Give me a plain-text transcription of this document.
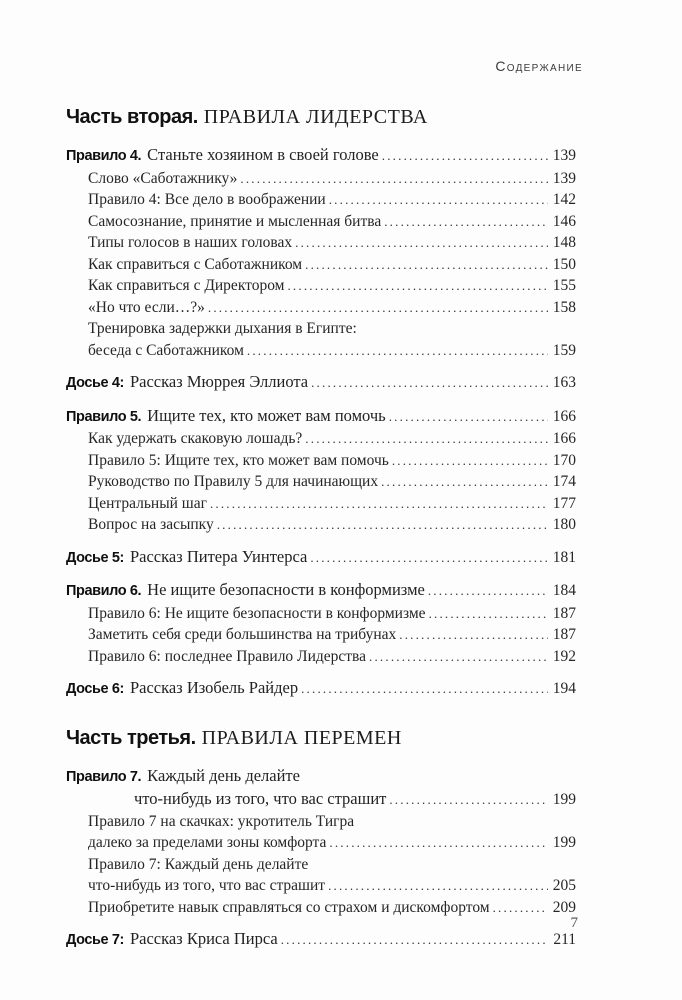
Содержание
Часть вторая. ПРАВИЛА ЛИДЕРСТВА
Правило 4. Станьте хозяином в своей голове .....	139
Слово «Саботажнику» .....	139
Правило 4: Все дело в воображении .....	142
Самосознание, принятие и мысленная битва .....	146
Типы голосов в наших головах .....	148
Как справиться с Саботажником .....	150
Как справиться с Директором .....	155
«Но что если…?» .....	158
Тренировка задержки дыхания в Египте:
беседа с Саботажником .....	159
Досье 4: Рассказ Мюррея Эллиота .....	163
Правило 5. Ищите тех, кто может вам помочь .....	166
Как удержать скаковую лошадь? .....	166
Правило 5: Ищите тех, кто может вам помочь .....	170
Руководство по Правилу 5 для начинающих .....	174
Центральный шаг .....	177
Вопрос на засыпку .....	180
Досье 5: Рассказ Питера Уинтерса .....	181
Правило 6. Не ищите безопасности в конформизме .....	184
Правило 6: Не ищите безопасности в конформизме .....	187
Заметить себя среди большинства на трибунах .....	187
Правило 6: последнее Правило Лидерства .....	192
Досье 6: Рассказ Изобель Райдер .....	194
Часть третья. ПРАВИЛА ПЕРЕМЕН
Правило 7. Каждый день делайте
что-нибудь из того, что вас страшит .....	199
Правило 7 на скачках: укротитель Тигра
далеко за пределами зоны комфорта .....	199
Правило 7: Каждый день делайте
что-нибудь из того, что вас страшит .....	205
Приобретите навык справляться со страхом и дискомфортом .....	209
Досье 7: Рассказ Криса Пирса .....	211
7
